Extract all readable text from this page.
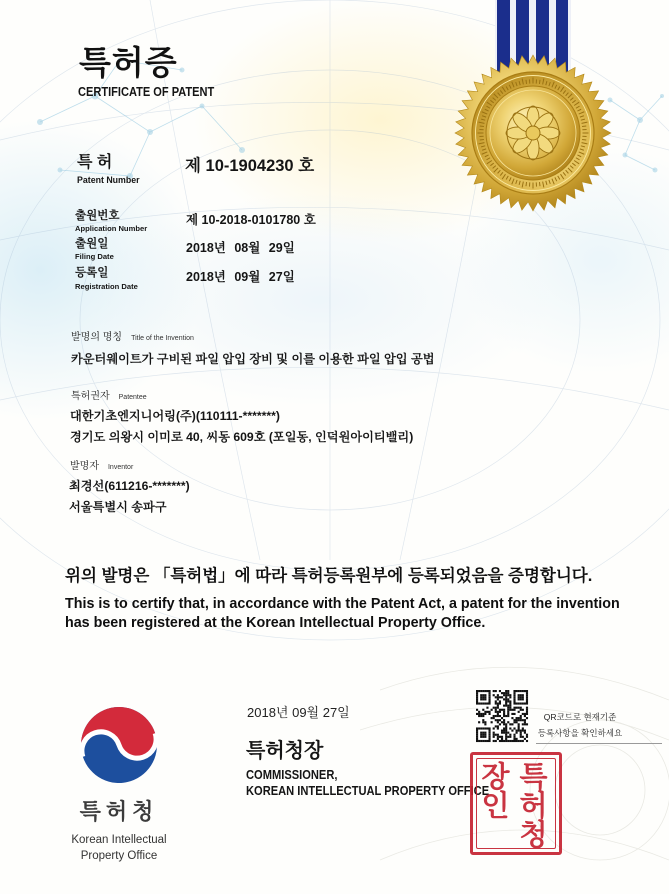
특허증
CERTIFICATE OF PATENT
특 허
Patent Number
제 10-1904230 호
출원번호
Application Number
제 10-2018-0101780 호
출원일
Filing Date
2018년 08월 29일
등록일
Registration Date
2018년 09월 27일
발명의 명칭 Title of the Invention
카운터웨이트가 구비된 파일 압입 장비 및 이를 이용한 파일 압입 공법
특허권자 Patentee
대한기초엔지니어링(주)(110111-*******)
경기도 의왕시 이미로 40, 씨동 609호 (포일동, 인덕원아이티밸리)
발명자 Inventor
최경선(611216-*******)
서울특별시 송파구
위의 발명은 「특허법」에 따라 특허등록원부에 등록되었음을 증명합니다.
This is to certify that, in accordance with the Patent Act, a patent for the invention
has been registered at the Korean Intellectual Property Office.
2018년 09월 27일
특허청장
COMMISSIONER,
KOREAN INTELLECTUAL PROPERTY OFFICE
QR코드로 현재기준
등록사항을 확인하세요
특허청장인
특허청
Korean Intellectual
Property Office
